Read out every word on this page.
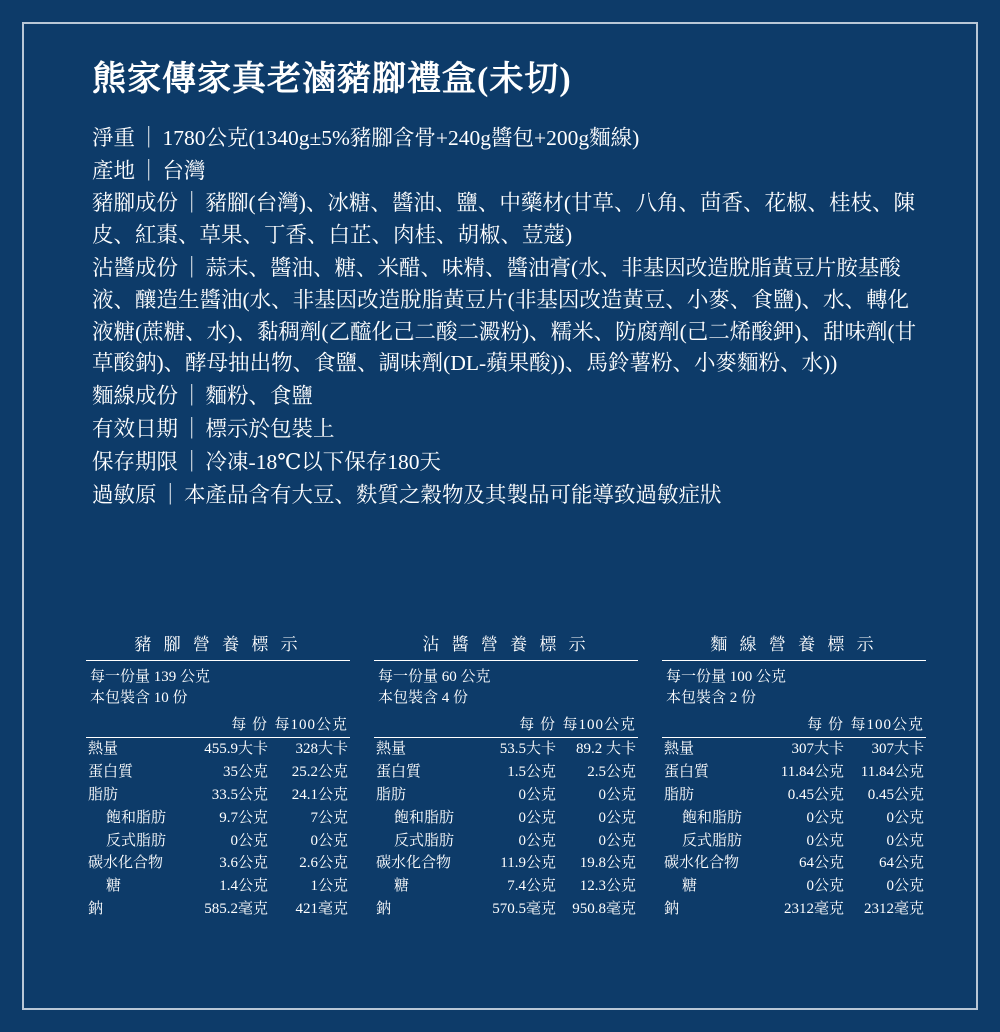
熊家傳家真老滷豬腳禮盒(未切)
淨重 ｜ 1780公克(1340g±5%豬腳含骨+240g醬包+200g麵線)
產地 ｜ 台灣
豬腳成份 ｜ 豬腳(台灣)、冰糖、醬油、鹽、中藥材(甘草、八角、茴香、花椒、桂枝、陳皮、紅棗、草果、丁香、白芷、肉桂、胡椒、荳蔻)
沾醬成份 ｜ 蒜末、醬油、糖、米醋、味精、醬油膏(水、非基因改造脫脂黃豆片胺基酸液、釀造生醬油(水、非基因改造脫脂黃豆片(非基因改造黃豆、小麥、食鹽)、水、轉化液糖(蔗糖、水)、黏稠劑(乙醯化己二酸二澱粉)、糯米、防腐劑(己二烯酸鉀)、甜味劑(甘草酸鈉)、酵母抽出物、食鹽、調味劑(DL-蘋果酸))、馬鈴薯粉、小麥麵粉、水))
麵線成份 ｜ 麵粉、食鹽
有效日期 ｜ 標示於包裝上
保存期限 ｜ 冷凍-18℃以下保存180天
過敏原 ｜ 本產品含有大豆、麩質之穀物及其製品可能導致過敏症狀
豬 腳 營 養 標 示
每一份量 139 公克
本包裝含 10 份
每 份 每100公克
熱量	455.9大卡	328大卡
蛋白質	35公克	25.2公克
脂肪	33.5公克	24.1公克
飽和脂肪	9.7公克	7公克
反式脂肪	0公克	0公克
碳水化合物	3.6公克	2.6公克
糖	1.4公克	1公克
鈉	585.2毫克	421毫克
沾 醬 營 養 標 示
每一份量 60 公克
本包裝含 4 份
每 份 每100公克
熱量	53.5大卡	89.2 大卡
蛋白質	1.5公克	2.5公克
脂肪	0公克	0公克
飽和脂肪	0公克	0公克
反式脂肪	0公克	0公克
碳水化合物	11.9公克	19.8公克
糖	7.4公克	12.3公克
鈉	570.5毫克	950.8毫克
麵 線 營 養 標 示
每一份量 100 公克
本包裝含 2 份
每 份 每100公克
熱量	307大卡	307大卡
蛋白質	11.84公克	11.84公克
脂肪	0.45公克	0.45公克
飽和脂肪	0公克	0公克
反式脂肪	0公克	0公克
碳水化合物	64公克	64公克
糖	0公克	0公克
鈉	2312毫克	2312毫克
